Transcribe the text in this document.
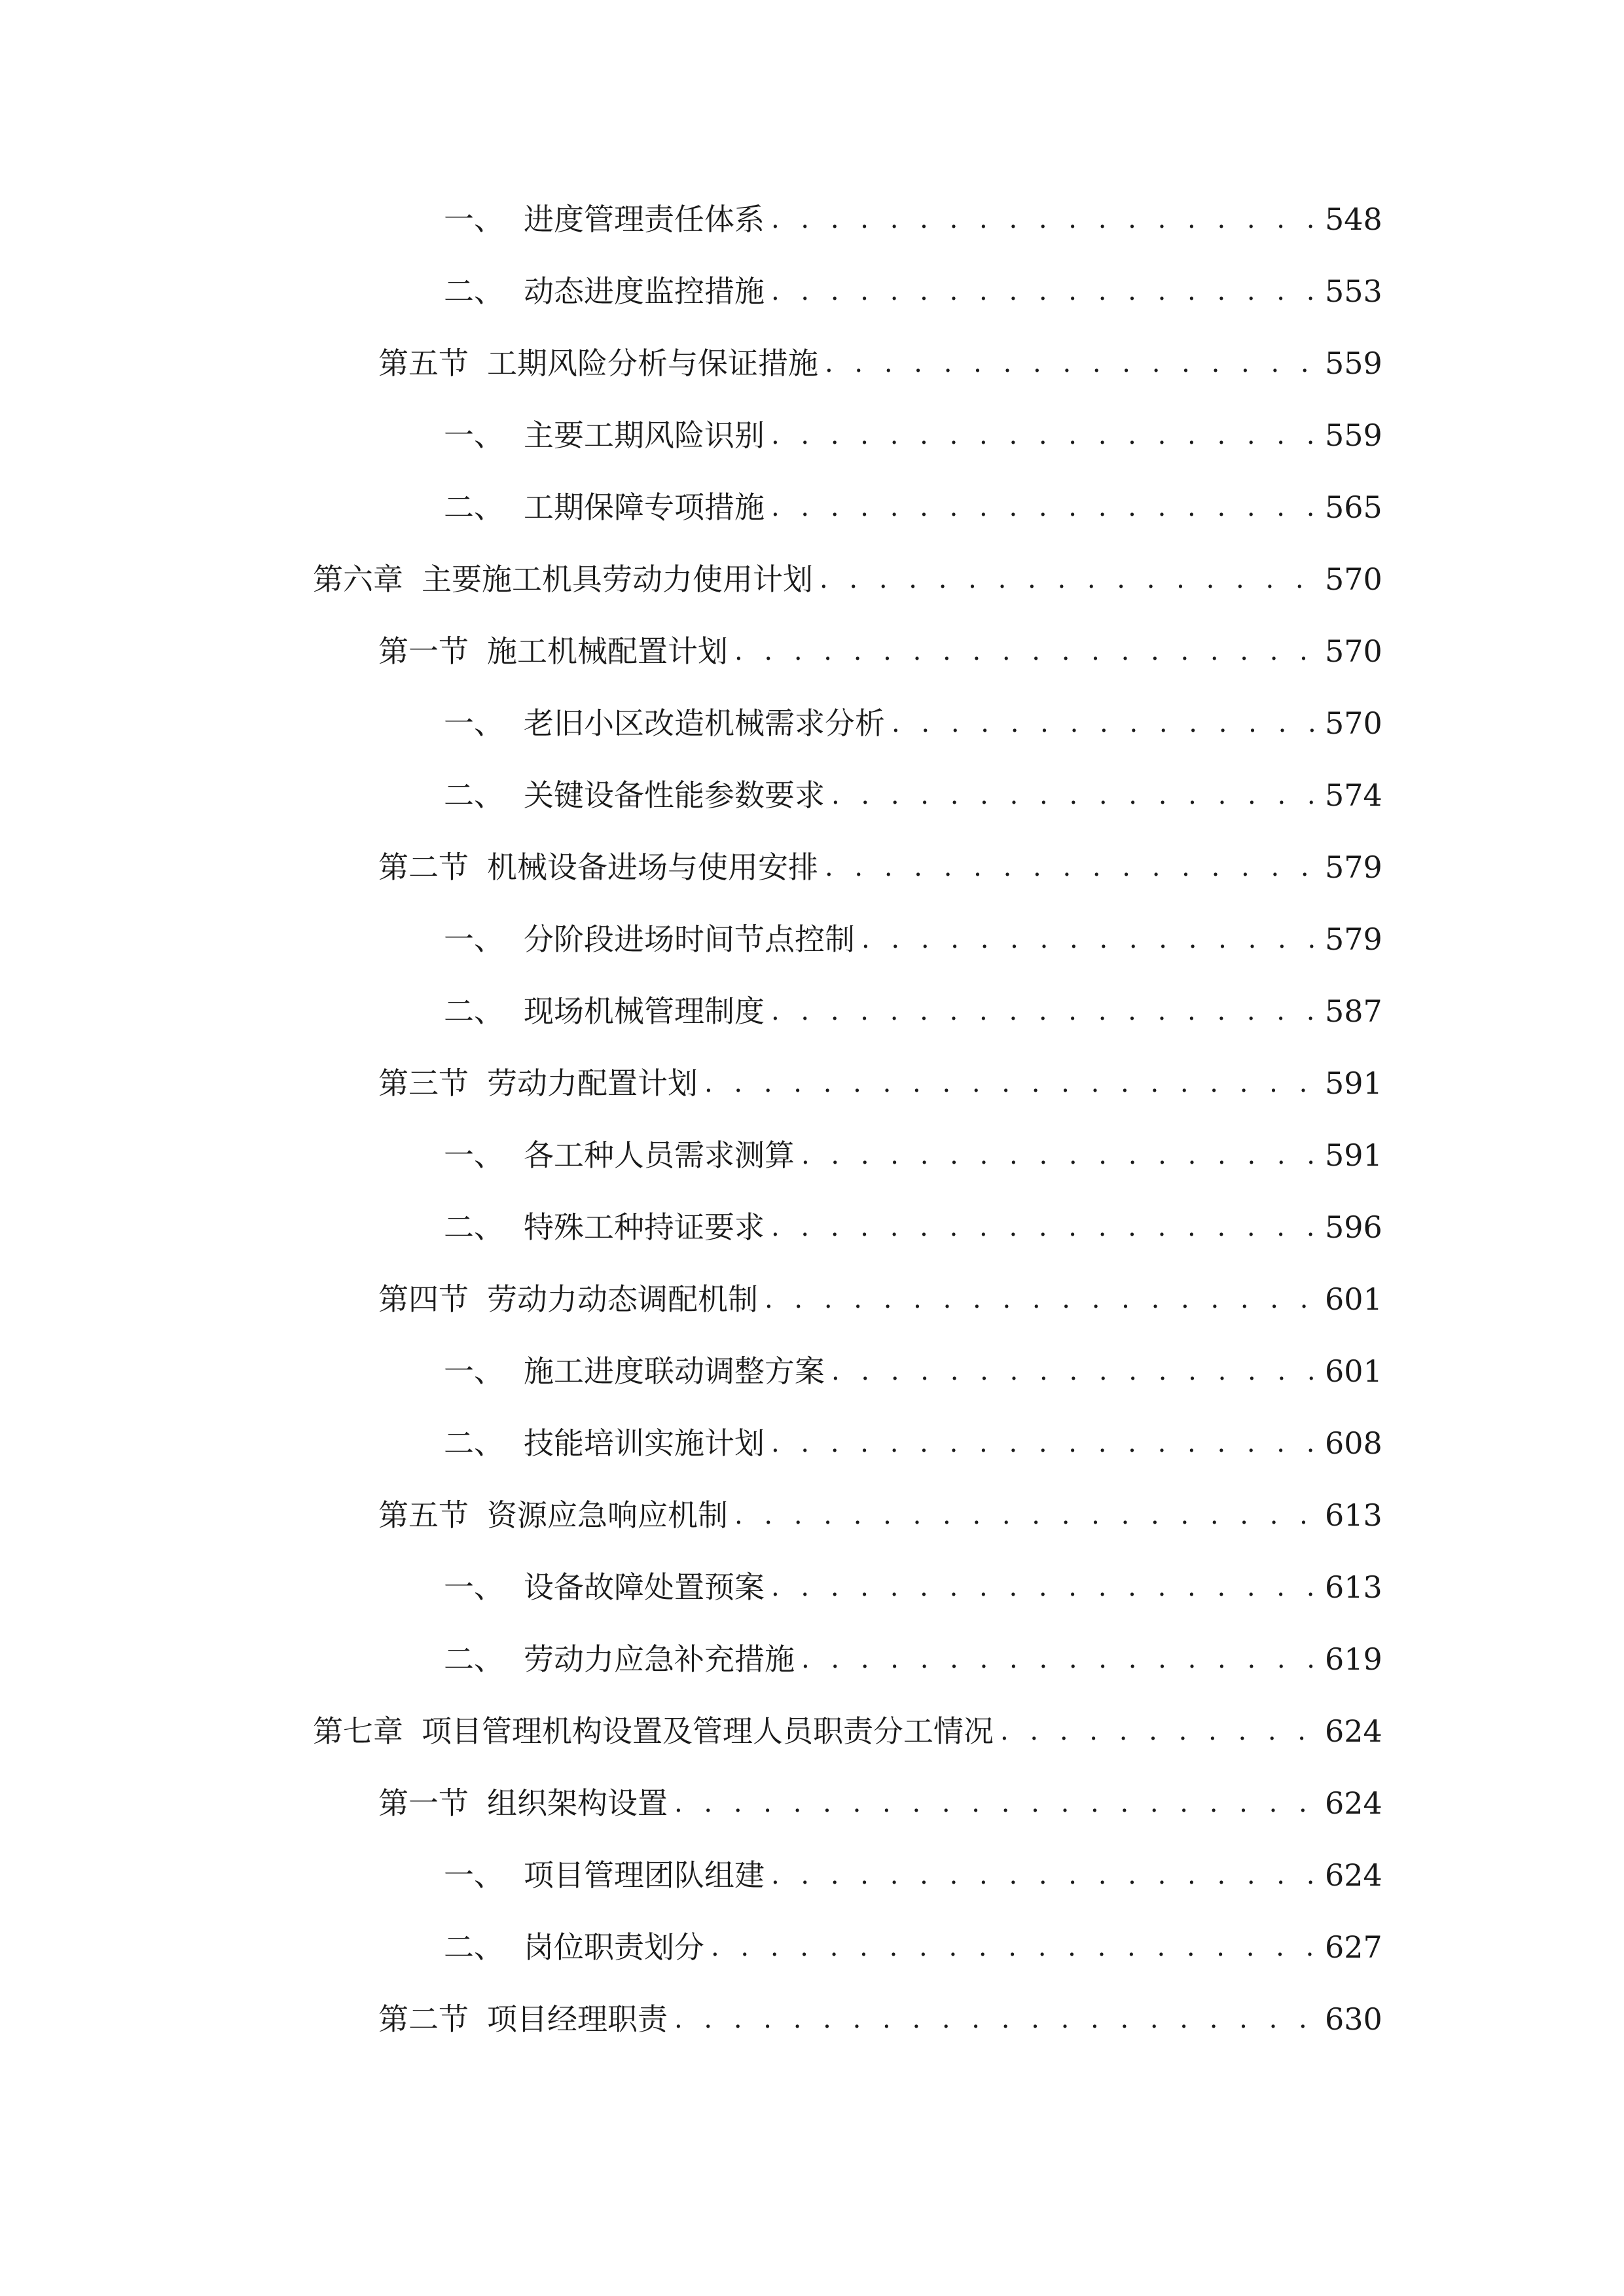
一、 进度管理责任体系 . . .	548
二、 动态进度监控措施 . . .	553
第五节 工期风险分析与保证措施 . . .	559
一、 主要工期风险识别 . . .	559
二、 工期保障专项措施 . . .	565
第六章 主要施工机具劳动力使用计划 . . .	570
第一节 施工机械配置计划 . . .	570
一、 老旧小区改造机械需求分析 . . .	570
二、 关键设备性能参数要求 . . .	574
第二节 机械设备进场与使用安排 . . .	579
一、 分阶段进场时间节点控制 . . .	579
二、 现场机械管理制度 . . .	587
第三节 劳动力配置计划 . . .	591
一、 各工种人员需求测算 . . .	591
二、 特殊工种持证要求 . . .	596
第四节 劳动力动态调配机制 . . .	601
一、 施工进度联动调整方案 . . .	601
二、 技能培训实施计划 . . .	608
第五节 资源应急响应机制 . . .	613
一、 设备故障处置预案 . . .	613
二、 劳动力应急补充措施 . . .	619
第七章 项目管理机构设置及管理人员职责分工情况 . . .	624
第一节 组织架构设置 . . .	624
一、 项目管理团队组建 . . .	624
二、 岗位职责划分 . . .	627
第二节 项目经理职责 . . .	630
